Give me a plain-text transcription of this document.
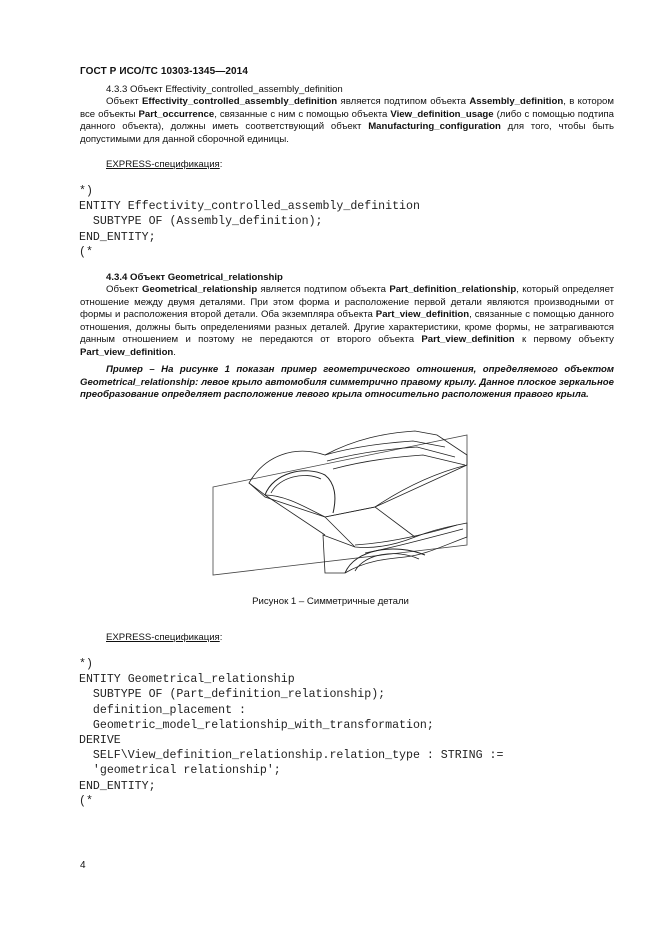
ГОСТ Р ИСО/ТС 10303-1345—2014
4.3.3 Объект Effectivity_controlled_assembly_definition
Объект Effectivity_controlled_assembly_definition является подтипом объекта Assembly_definition, в котором все объекты Part_occurrence, связанные с ним с помощью объекта View_definition_usage (либо с помощью подтипа данного объекта), должны иметь соответствующий объект Manufacturing_configuration для того, чтобы быть допустимыми для данной сборочной единицы.
EXPRESS-спецификация:
*)
ENTITY Effectivity_controlled_assembly_definition
SUBTYPE OF (Assembly_definition);
END_ENTITY;
(*
4.3.4 Объект Geometrical_relationship
Объект Geometrical_relationship является подтипом объекта Part_definition_relationship, который определяет отношение между двумя деталями. При этом форма и расположение первой детали являются производными от формы и расположения второй детали. Оба экземпляра объекта Part_view_definition, связанные с помощью данного отношения, должны быть определениями разных деталей. Другие характеристики, кроме формы, не затрагиваются данным отношением и поэтому не передаются от второго объекта Part_view_definition к первому объекту Part_view_definition.
Пример – На рисунке 1 показан пример геометрического отношения, определяемого объектом Geometrical_relationship: левое крыло автомобиля симметрично правому крылу. Данное плоское зеркальное преобразование определяет расположение левого крыла относительно расположения правого крыла.
Рисунок 1 – Симметричные детали
EXPRESS-спецификация:
*)
ENTITY Geometrical_relationship
SUBTYPE OF (Part_definition_relationship);
definition_placement :
Geometric_model_relationship_with_transformation;
DERIVE
SELF\View_definition_relationship.relation_type : STRING :=
'geometrical relationship';
END_ENTITY;
(*
4
